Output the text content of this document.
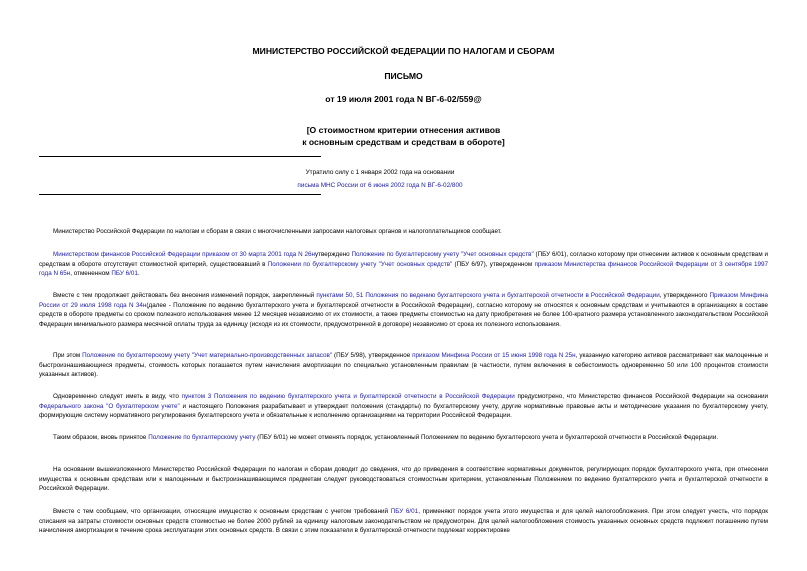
МИНИСТЕРСТВО РОССИЙСКОЙ ФЕДЕРАЦИИ ПО НАЛОГАМ И СБОРАМ
ПИСЬМО
от 19 июля 2001 года N ВГ-6-02/559@
[О стоимостном критерии отнесения активов
к основным средствам и средствам в обороте]
Утратило силу с 1 января 2002 года на основании
письма МНС России от 6 июня 2002 года N ВГ-6-02/800
Министерство Российской Федерации по налогам и сборам в связи с многочисленными запросами налоговых органов и налогоплательщиков сообщает.
Министерством финансов Российской Федерации приказом от 30 марта 2001 года N 26нутверждено Положение по бухгалтерскому учету "Учет основных средств" (ПБУ 6/01), согласно которому при отнесении активов к основным средствам и средствам в обороте отсутствует стоимостной критерий, существовавший в Положении по бухгалтерскому учету "Учет основных средств" (ПБУ 6/97), утвержденном приказом Министерства финансов Российской Федерации от 3 сентября 1997 года N 65н, отмененном ПБУ 6/01.
Вместе с тем продолжает действовать без внесения изменений порядок, закрепленный пунктами 50, 51 Положения по ведению бухгалтерского учета и бухгалтерской отчетности в Российской Федерации, утвержденного Приказом Минфина России от 29 июля 1998 года N 34н(далее - Положение по ведению бухгалтерского учета и бухгалтерской отчетности в Российской Федерации), согласно которому не относятся к основным средствам и учитываются в организациях в составе средств в обороте предметы со сроком полезного использования менее 12 месяцев независимо от их стоимости, а также предметы стоимостью на дату приобретения не более 100-кратного размера установленного законодательством Российской Федерации минимального размера месячной оплаты труда за единицу (исходя из их стоимости, предусмотренной в договоре) независимо от срока их полезного использования.
При этом Положение по бухгалтерскому учету "Учет материально-производственных запасов" (ПБУ 5/98), утвержденное приказом Минфина России от 15 июня 1998 года N 25н, указанную категорию активов рассматривает как малоценные и быстроизнашивающиеся предметы, стоимость которых погашается путем начисления амортизации по специально установленным правилам (в частности, путем включения в себестоимость одновременно 50 или 100 процентов стоимости указанных активов).
Одновременно следует иметь в виду, что пунктом 3 Положения по ведению бухгалтерского учета и бухгалтерской отчетности в Российской Федерации предусмотрено, что Министерство финансов Российской Федерации на основании Федерального закона "О бухгалтерском учете" и настоящего Положения разрабатывает и утверждает положения (стандарты) по бухгалтерскому учету, другие нормативные правовые акты и методические указания по бухгалтерскому учету, формирующие систему нормативного регулирования бухгалтерского учета и обязательные к исполнению организациями на территории Российской Федерации.
Таким образом, вновь принятое Положение по бухгалтерскому учету (ПБУ 6/01) не может отменять порядок, установленный Положением по ведению бухгалтерского учета и бухгалтерской отчетности в Российской Федерации.
На основании вышеизложенного Министерство Российской Федерации по налогам и сборам доводит до сведения, что до приведения в соответствие нормативных документов, регулирующих порядок бухгалтерского учета, при отнесении имущества к основным средствам или к малоценным и быстроизнашивающимся предметам следует руководствоваться стоимостным критерием, установленным Положением по ведению бухгалтерского учета и бухгалтерской отчетности в Российской Федерации.
Вместе с тем сообщаем, что организации, относящие имущество к основным средствам с учетом требований ПБУ 6/01, применяют порядок учета этого имущества и для целей налогообложения. При этом следует учесть, что порядок списания на затраты стоимости основных средств стоимостью не более 2000 рублей за единицу налоговым законодательством не предусмотрен. Для целей налогообложения стоимость указанных основных средств подлежит погашению путем начисления амортизации в течение срока эксплуатации этих основных средств. В связи с этим показатели в бухгалтерской отчетности подлежат корректировке
